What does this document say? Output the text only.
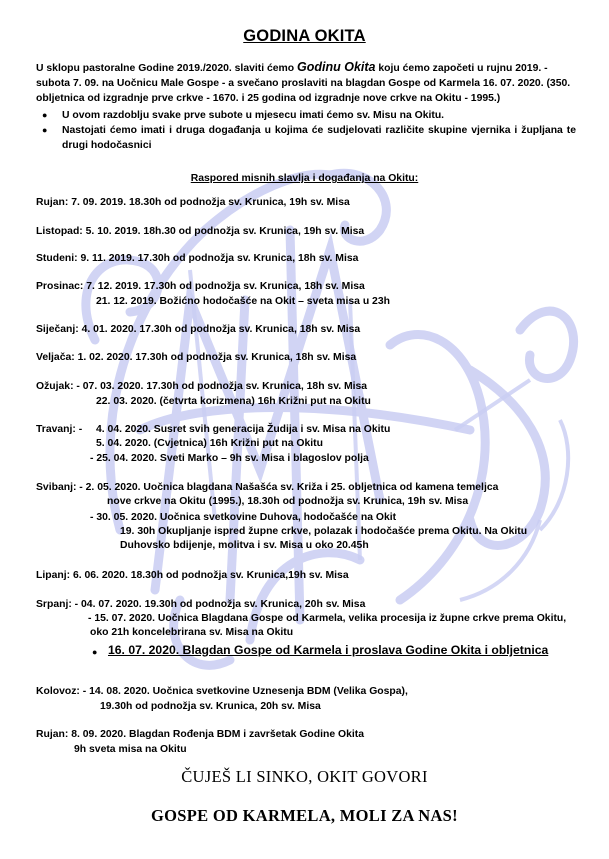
GODINA OKITA
U sklopu pastoralne Godine 2019./2020. slaviti ćemo Godinu Okita koju ćemo započeti u rujnu 2019. - subota 7. 09. na Uočnicu Male Gospe - a svečano proslaviti na blagdan Gospe od Karmela 16. 07. 2020. (350. obljetnica od izgradnje prve crkve - 1670. i 25 godina od izgradnje nove crkve na Okitu - 1995.)
● U ovom razdoblju svake prve subote u mjesecu imati ćemo sv. Misu na Okitu.
● Nastojati ćemo imati i druga događanja u kojima će sudjelovati različite skupine vjernika i župljana te drugi hodočasnici
Raspored misnih slavlja i događanja na Okitu:
Rujan: 7. 09. 2019. 18.30h od podnožja sv. Krunica, 19h sv. Misa
Listopad: 5. 10. 2019. 18h.30 od podnožja sv. Krunica, 19h sv. Misa
Studeni: 9. 11. 2019. 17.30h od podnožja sv. Krunica, 18h sv. Misa
Prosinac: 7. 12. 2019. 17.30h od podnožja sv. Krunica, 18h sv. Misa
21. 12. 2019. Božićno hodočašće na Okit – sveta misa u 23h
Siječanj: 4. 01. 2020. 17.30h od podnožja sv. Krunica, 18h sv. Misa
Veljača: 1. 02. 2020. 17.30h od podnožja sv. Krunica, 18h sv. Misa
Ožujak: - 07. 03. 2020. 17.30h od podnožja sv. Krunica, 18h sv. Misa
22. 03. 2020. (četvrta korizmena) 16h Križni put na Okitu
Travanj: - 4. 04. 2020. Susret svih generacija Žudija i sv. Misa na Okitu
5. 04. 2020. (Cvjetnica) 16h Križni put na Okitu
- 25. 04. 2020. Sveti Marko – 9h sv. Misa i blagoslov polja
Svibanj: - 2. 05. 2020. Uočnica blagdana Našašća sv. Križa i 25. obljetnica od kamena temeljca
nove crkve na Okitu (1995.), 18.30h od podnožja sv. Krunica, 19h sv. Misa
- 30. 05. 2020. Uočnica svetkovine Duhova, hodočašće na Okit
19. 30h Okupljanje ispred župne crkve, polazak i hodočašće prema Okitu. Na Okitu
Duhovsko bdijenje, molitva i sv. Misa u oko 20.45h
Lipanj: 6. 06. 2020. 18.30h od podnožja sv. Krunica,19h sv. Misa
Srpanj: - 04. 07. 2020. 19.30h od podnožja sv. Krunica, 20h sv. Misa
- 15. 07. 2020. Uočnica Blagdana Gospe od Karmela, velika procesija iz župne crkve prema Okitu,
oko 21h koncelebrirana sv. Misa na Okitu
● 16. 07. 2020. Blagdan Gospe od Karmela i proslava Godine Okita i obljetnica
Kolovoz: - 14. 08. 2020. Uočnica svetkovine Uznesenja BDM (Velika Gospa),
19.30h od podnožja sv. Krunica, 20h sv. Misa
Rujan: 8. 09. 2020. Blagdan Rođenja BDM i završetak Godine Okita
9h sveta misa na Okitu
ČUJEŠ LI SINKO, OKIT GOVORI
GOSPE OD KARMELA, MOLI ZA NAS!
